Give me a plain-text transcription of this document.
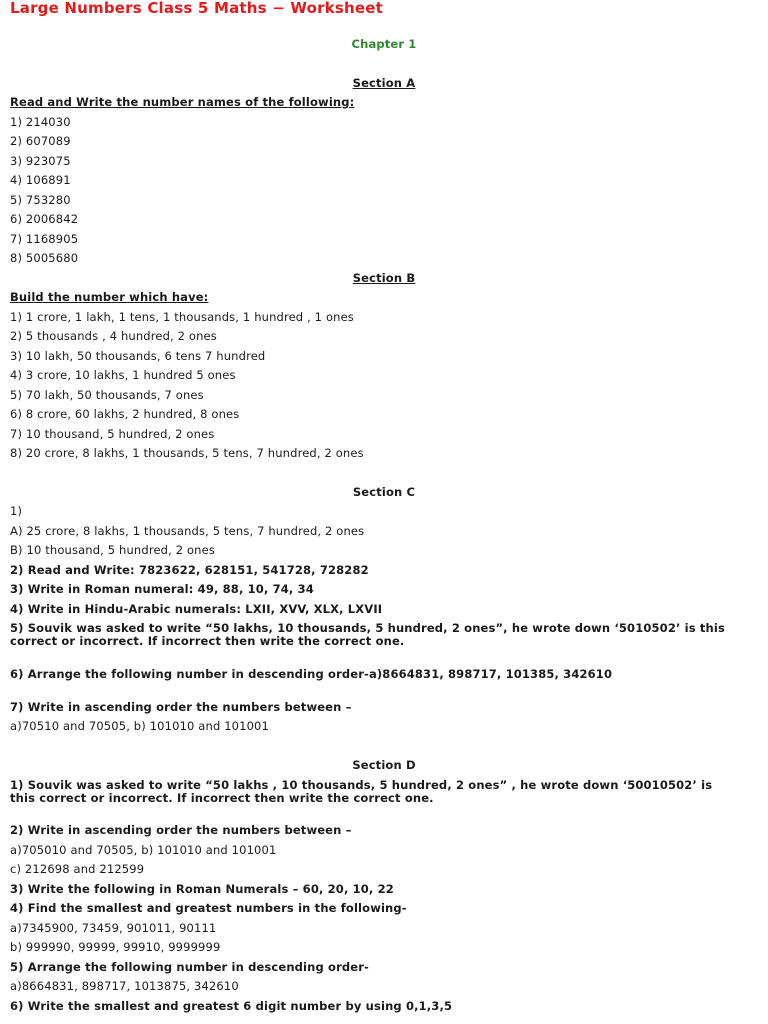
Large Numbers Class 5 Maths − Worksheet
Chapter 1
Section A
Read and Write the number names of the following:
1) 214030
2) 607089
3) 923075
4) 106891
5) 753280
6) 2006842
7) 1168905
8) 5005680
Section B
Build the number which have:
1) 1 crore, 1 lakh, 1 tens, 1 thousands, 1 hundred , 1 ones
2) 5 thousands , 4 hundred, 2 ones
3) 10 lakh, 50 thousands, 6 tens 7 hundred
4) 3 crore, 10 lakhs, 1 hundred 5 ones
5) 70 lakh, 50 thousands, 7 ones
6) 8 crore, 60 lakhs, 2 hundred, 8 ones
7) 10 thousand, 5 hundred, 2 ones
8) 20 crore, 8 lakhs, 1 thousands, 5 tens, 7 hundred, 2 ones
Section C
1)
A) 25 crore, 8 lakhs, 1 thousands, 5 tens, 7 hundred, 2 ones
B) 10 thousand, 5 hundred, 2 ones
2) Read and Write: 7823622, 628151, 541728, 728282
3) Write in Roman numeral: 49, 88, 10, 74, 34
4) Write in Hindu-Arabic numerals: LXII, XVV, XLX, LXVII
5) Souvik was asked to write “50 lakhs, 10 thousands, 5 hundred, 2 ones”, he wrote down ‘5010502’ is this correct or incorrect. If incorrect then write the correct one.
6) Arrange the following number in descending order-a)8664831, 898717, 101385, 342610
7) Write in ascending order the numbers between –
a)70510 and 70505, b) 101010 and 101001
Section D
1) Souvik was asked to write “50 lakhs , 10 thousands, 5 hundred, 2 ones” , he wrote down ‘50010502’ is this correct or incorrect. If incorrect then write the correct one.
2) Write in ascending order the numbers between –
a)705010 and 70505, b) 101010 and 101001
c) 212698 and 212599
3) Write the following in Roman Numerals – 60, 20, 10, 22
4) Find the smallest and greatest numbers in the following-
a)7345900, 73459, 901011, 90111
b) 999990, 99999, 99910, 9999999
5) Arrange the following number in descending order-
a)8664831, 898717, 1013875, 342610
6) Write the smallest and greatest 6 digit number by using 0,1,3,5
